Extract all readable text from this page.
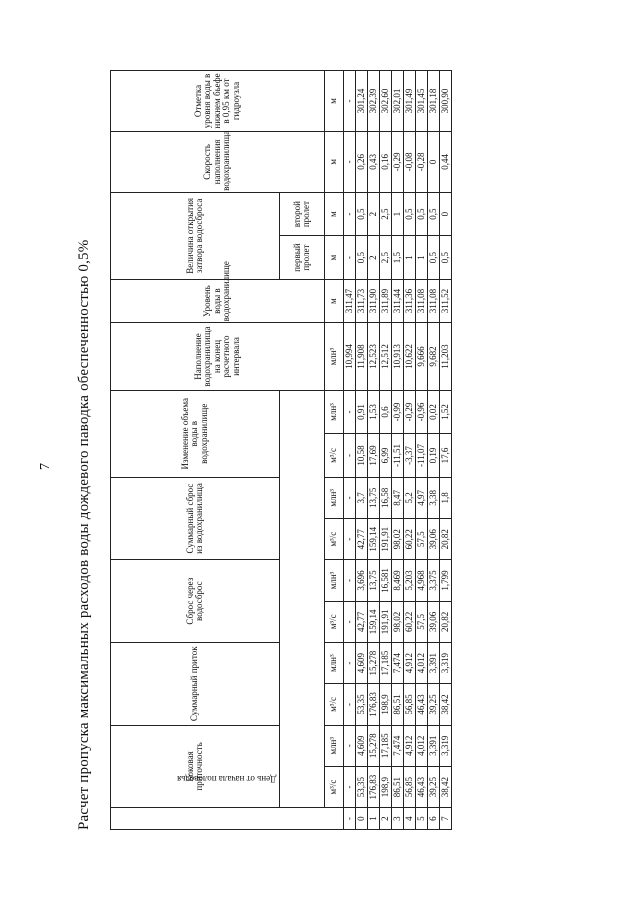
7 Расчет пропуска максимальных расходов воды дождевого паводка обеспеченностью 0,5%	День от начала половодья	Боковая приточность		Суммарный приток		Сброс через водосброс		Суммарный сброс из водохранилища		Изменение объема воды в водохранилище		Наполнение водохранилища на конец расчетного интервала	Уровень воды в водохранилище	Величина открытия затвора водосброса		Скорость наполнения водохранилища	Отметка уровня воды в нижнем бьефе в 0,95 км от гидроузла
													первый пролет	второй пролет		
	м³/с	млн³	м³/с	млн³	м³/с	млн³	м³/с	млн³	м³/с	млн³	млн³	м	м	м	м	м
-	-	-	-	-	-	-	-	-	-	-	10,994	311,47	-	-	-	-
0	53,35	4,609	53,35	4,609	42,77	3,696	42,77	3,7	10,58	0,91	11,908	311,73	0,5	0,5	0,26	301,24
1	176,83	15,278	176,83	15,278	159,14	13,75	159,14	13,75	17,69	1,53	12,523	311,90	2	2	0,43	302,39
2	198,9	17,185	198,9	17,185	191,91	16,581	191,91	16,58	6,99	0,6	12,512	311,89	2,5	2,5	0,16	302,60
3	86,51	7,474	86,51	7,474	98,02	8,469	98,02	8,47	-11,51	-0,99	10,913	311,44	1,5	1	-0,29	302,01
4	56,85	4,912	56,85	4,912	60,22	5,203	60,22	5,2	-3,37	-0,29	10,622	311,36	1	0,5	-0,08	301,49
5	46,43	4,012	46,43	4,012	57,5	4,968	57,5	4,97	-11,07	-0,96	9,666	311,08	1	0,5	-0,28	301,45
6	39,25	3,391	39,25	3,391	39,06	3,375	39,06	3,38	0,19	0,02	9,682	311,08	0,5	0,5	0	301,18
7	38,42	3,319	38,42	3,319	20,82	1,799	20,82	1,8	17,6	1,52	11,203	311,52	0,5	0	0,44	300,90
